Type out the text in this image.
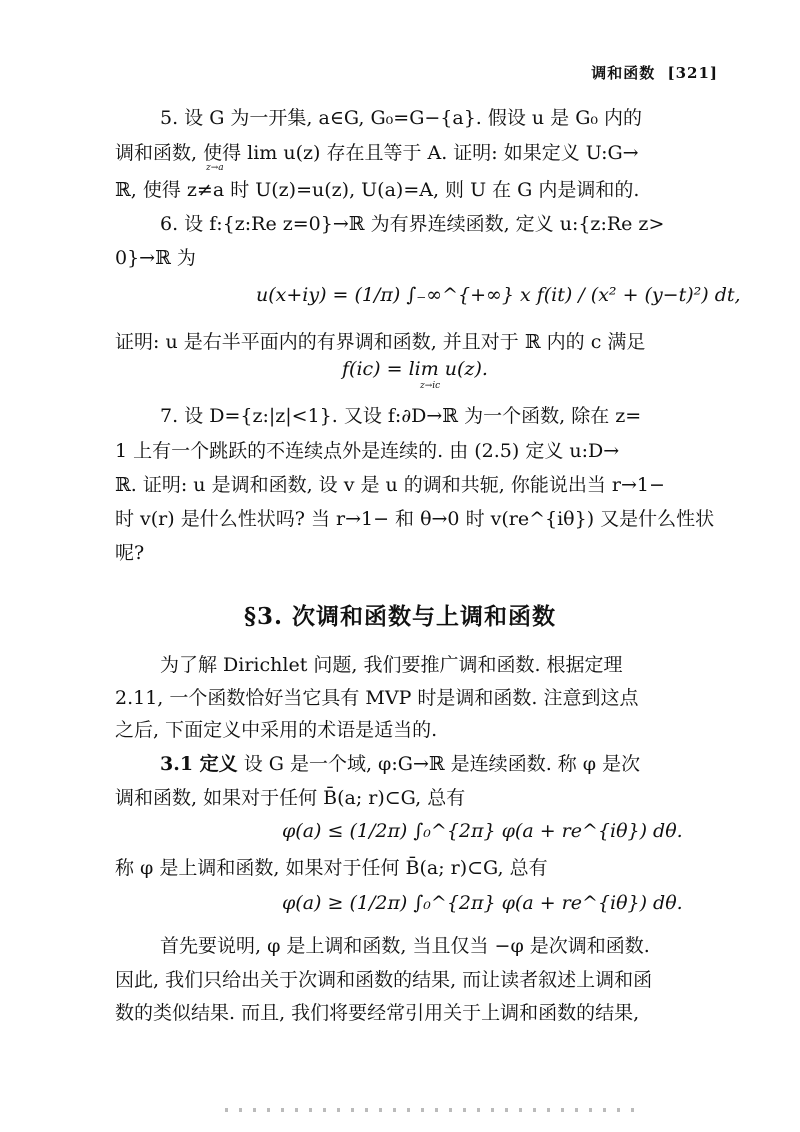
调和函数 [321]
5. 设 G 为一开集, a∈G, G₀=G−{a}. 假设 u 是 G₀ 内的
调和函数, 使得 lim u(z) 存在且等于 A. 证明: 如果定义 U:G→
z→a
ℝ, 使得 z≠a 时 U(z)=u(z), U(a)=A, 则 U 在 G 内是调和的.
6. 设 f:{z:Re z=0}→ℝ 为有界连续函数, 定义 u:{z:Re z>
0}→ℝ 为
u(x+iy) = (1/π) ∫₋∞^{+∞} x f(it) / (x² + (y−t)²) dt,
证明: u 是右半平面内的有界调和函数, 并且对于 ℝ 内的 c 满足
f(ic) = lim u(z).
z→ic
7. 设 D={z:|z|<1}. 又设 f:∂D→ℝ 为一个函数, 除在 z=
1 上有一个跳跃的不连续点外是连续的. 由 (2.5) 定义 u:D→
ℝ. 证明: u 是调和函数, 设 v 是 u 的调和共轭, 你能说出当 r→1−
时 v(r) 是什么性状吗? 当 r→1− 和 θ→0 时 v(re^{iθ}) 又是什么性状
呢?
§3. 次调和函数与上调和函数
为了解 Dirichlet 问题, 我们要推广调和函数. 根据定理
2.11, 一个函数恰好当它具有 MVP 时是调和函数. 注意到这点
之后, 下面定义中采用的术语是适当的.
3.1 定义 设 G 是一个域, φ:G→ℝ 是连续函数. 称 φ 是次
调和函数, 如果对于任何 B̄(a; r)⊂G, 总有
φ(a) ≤ (1/2π) ∫₀^{2π} φ(a + re^{iθ}) dθ.
称 φ 是上调和函数, 如果对于任何 B̄(a; r)⊂G, 总有
φ(a) ≥ (1/2π) ∫₀^{2π} φ(a + re^{iθ}) dθ.
首先要说明, φ 是上调和函数, 当且仅当 −φ 是次调和函数.
因此, 我们只给出关于次调和函数的结果, 而让读者叙述上调和函
数的类似结果. 而且, 我们将要经常引用关于上调和函数的结果,
